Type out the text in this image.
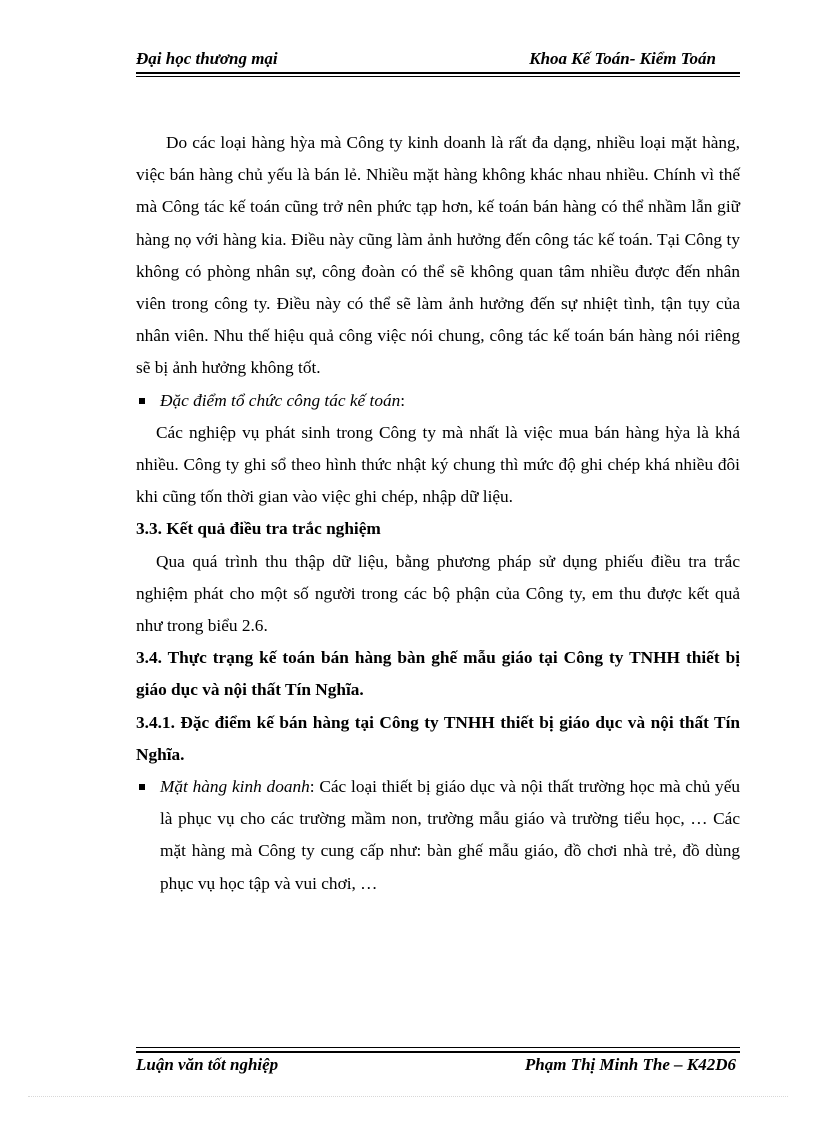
Đại học thương mại	Khoa Kế Toán- Kiểm Toán

Do các loại hàng hỳa mà Công ty kinh doanh là rất đa dạng, nhiều loại mặt hàng, việc bán hàng chủ yếu là bán lẻ. Nhiều mặt hàng không khác nhau nhiều. Chính vì thế mà Công tác kế toán cũng trở nên phức tạp hơn, kế toán bán hàng có thể nhầm lẫn giữ hàng nọ với hàng kia. Điều này cũng làm ảnh hưởng đến công tác kế toán. Tại Công ty không có phòng nhân sự, công đoàn có thể sẽ không quan tâm nhiều được đến nhân viên trong công ty. Điều này có thể sẽ làm ảnh hưởng đến sự nhiệt tình, tận tụy của nhân viên. Nhu thế hiệu quả công việc nói chung, công tác kế toán bán hàng nói riêng sẽ bị ảnh hưởng không tốt.

Đặc điểm tổ chức công tác kế toán:

Các nghiệp vụ phát sinh trong Công ty mà nhất là việc mua bán hàng hỳa là khá nhiều. Công ty ghi sổ theo hình thức nhật ký chung thì mức độ ghi chép khá nhiều đôi khi cũng tốn thời gian vào việc ghi chép, nhập dữ liệu.

3.3. Kết quả điều tra trắc nghiệm

Qua quá trình thu thập dữ liệu, bằng phương pháp sử dụng phiếu điều tra trắc nghiệm phát cho một số người trong các bộ phận của Công ty, em thu được kết quả như trong biểu 2.6.

3.4. Thực trạng kế toán bán hàng bàn ghế mẫu giáo tại Công ty TNHH thiết bị giáo dục và nội thất Tín Nghĩa.

3.4.1. Đặc điểm kế bán hàng tại Công ty TNHH thiết bị giáo dục và nội thất Tín Nghĩa.

Mặt hàng kinh doanh: Các loại thiết bị giáo dục và nội thất trường học mà chủ yếu là phục vụ cho các trường mầm non, trường mẫu giáo và trường tiểu học, … Các mặt hàng mà Công ty cung cấp như: bàn ghế mẫu giáo, đồ chơi nhà trẻ, đồ dùng phục vụ học tập và vui chơi, …
Luận văn tốt nghiệp	Phạm Thị Minh The – K42D6
